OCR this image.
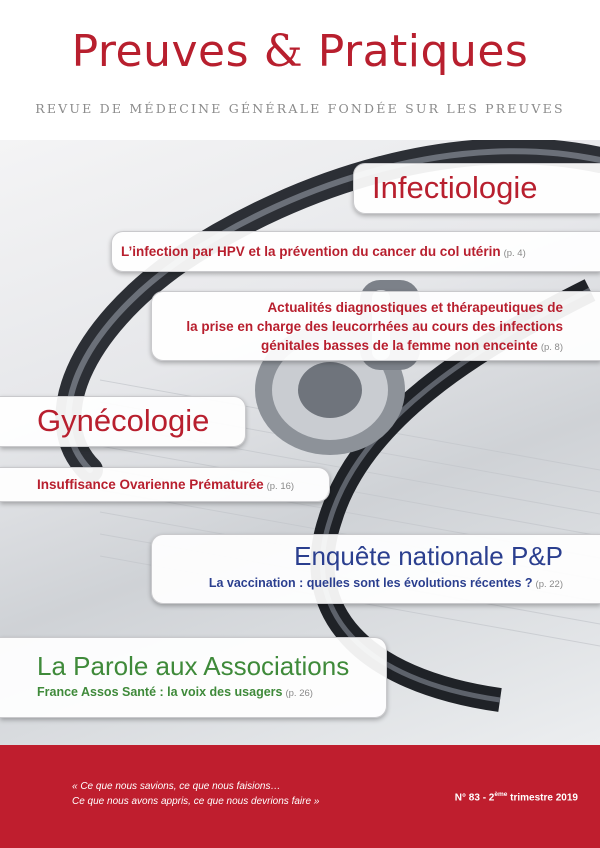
Preuves & Pratiques
REVUE DE MÉDECINE GÉNÉRALE FONDÉE SUR LES PREUVES
Infectiologie
L’infection par HPV et la prévention du cancer du col utérin (p. 4)
Actualités diagnostiques et thérapeutiques de
la prise en charge des leucorrhées au cours des infections
génitales basses de la femme non enceinte (p. 8)
Gynécologie
Insuffisance Ovarienne Prématurée (p. 16)
Enquête nationale P&P
La vaccination : quelles sont les évolutions récentes ? (p. 22)
La Parole aux Associations
France Assos Santé : la voix des usagers (p. 26)
« Ce que nous savions, ce que nous faisions…
Ce que nous avons appris, ce que nous devrions faire »	N° 83 - 2ème trimestre 2019
